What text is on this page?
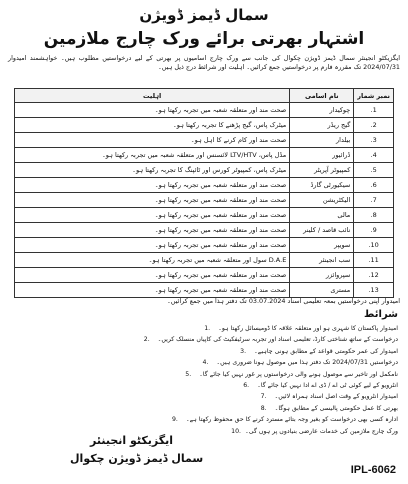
سمال ڈیمز ڈویژن
اشتہار بھرتی برائے ورک چارج ملازمین
ایگزیکٹو انجینئر سمال ڈیمز ڈویژن چکوال کی جانب سے ورک چارج اسامیوں پر بھرتی کے لیے درخواستیں مطلوب ہیں۔ خواہشمند امیدوار 2024/07/31 تک مقررہ فارم پر درخواستیں جمع کرائیں۔ اہلیت اور شرائط درج ذیل ہیں۔
نمبر شمار	نام اسامی	اہلیت
1.	چوکیدار	صحت مند اور متعلقہ شعبہ میں تجربہ رکھتا ہو۔
2.	گیج ریڈر	میٹرک پاس، گیج پڑھنے کا تجربہ رکھتا ہو۔
3.	بیلدار	صحت مند اور کام کرنے کا اہل ہو۔
4.	ڈرائیور	مڈل پاس، LTV/HTV لائسنس اور متعلقہ شعبہ میں تجربہ رکھتا ہو۔
5.	کمپیوٹر آپریٹر	میٹرک پاس، کمپیوٹر کورس اور ٹائپنگ کا تجربہ رکھتا ہو۔
6.	سیکیورٹی گارڈ	صحت مند اور متعلقہ شعبہ میں تجربہ رکھتا ہو۔
7.	الیکٹریشن	صحت مند اور متعلقہ شعبہ میں تجربہ رکھتا ہو۔
8.	مالی	صحت مند اور متعلقہ شعبہ میں تجربہ رکھتا ہو۔
9.	نائب قاصد / کلینر	صحت مند اور متعلقہ شعبہ میں تجربہ رکھتا ہو۔
10.	سویپر	صحت مند اور متعلقہ شعبہ میں تجربہ رکھتا ہو۔
11.	سب انجینئر	D.A.E سول اور متعلقہ شعبہ میں تجربہ رکھتا ہو۔
12.	سپروائزر	صحت مند اور متعلقہ شعبہ میں تجربہ رکھتا ہو۔
13.	مستری	صحت مند اور متعلقہ شعبہ میں تجربہ رکھتا ہو۔
امیدوار اپنی درخواستیں بمعہ تعلیمی اسناد 03.07.2024 تک دفتر ہذا میں جمع کرائیں۔
شرائط
امیدوار پاکستان کا شہری ہو اور متعلقہ علاقہ کا ڈومیسائل رکھتا ہو۔1.
درخواست کے ساتھ شناختی کارڈ، تعلیمی اسناد اور تجربہ سرٹیفکیٹ کی کاپیاں منسلک کریں۔2.
امیدوار کی عمر حکومتی قواعد کے مطابق ہونی چاہیے۔3.
درخواستیں 2024/07/31 تک دفتر ہذا میں موصول ہونا ضروری ہیں۔4.
نامکمل اور تاخیر سے موصول ہونے والی درخواستوں پر غور نہیں کیا جائے گا۔5.
انٹرویو کے لیے کوئی ٹی اے / ڈی اے ادا نہیں کیا جائے گا۔6.
امیدوار انٹرویو کے وقت اصل اسناد ہمراہ لائیں۔7.
بھرتی کا عمل حکومتی پالیسی کے مطابق ہوگا۔8.
ادارہ کسی بھی درخواست کو بغیر وجہ بتائے مسترد کرنے کا حق محفوظ رکھتا ہے۔9.
ورک چارج ملازمین کی خدمات عارضی بنیادوں پر ہوں گی۔10.
ایگزیکٹو انجینئر
سمال ڈیمز ڈویژن چکوال
IPL-6062
